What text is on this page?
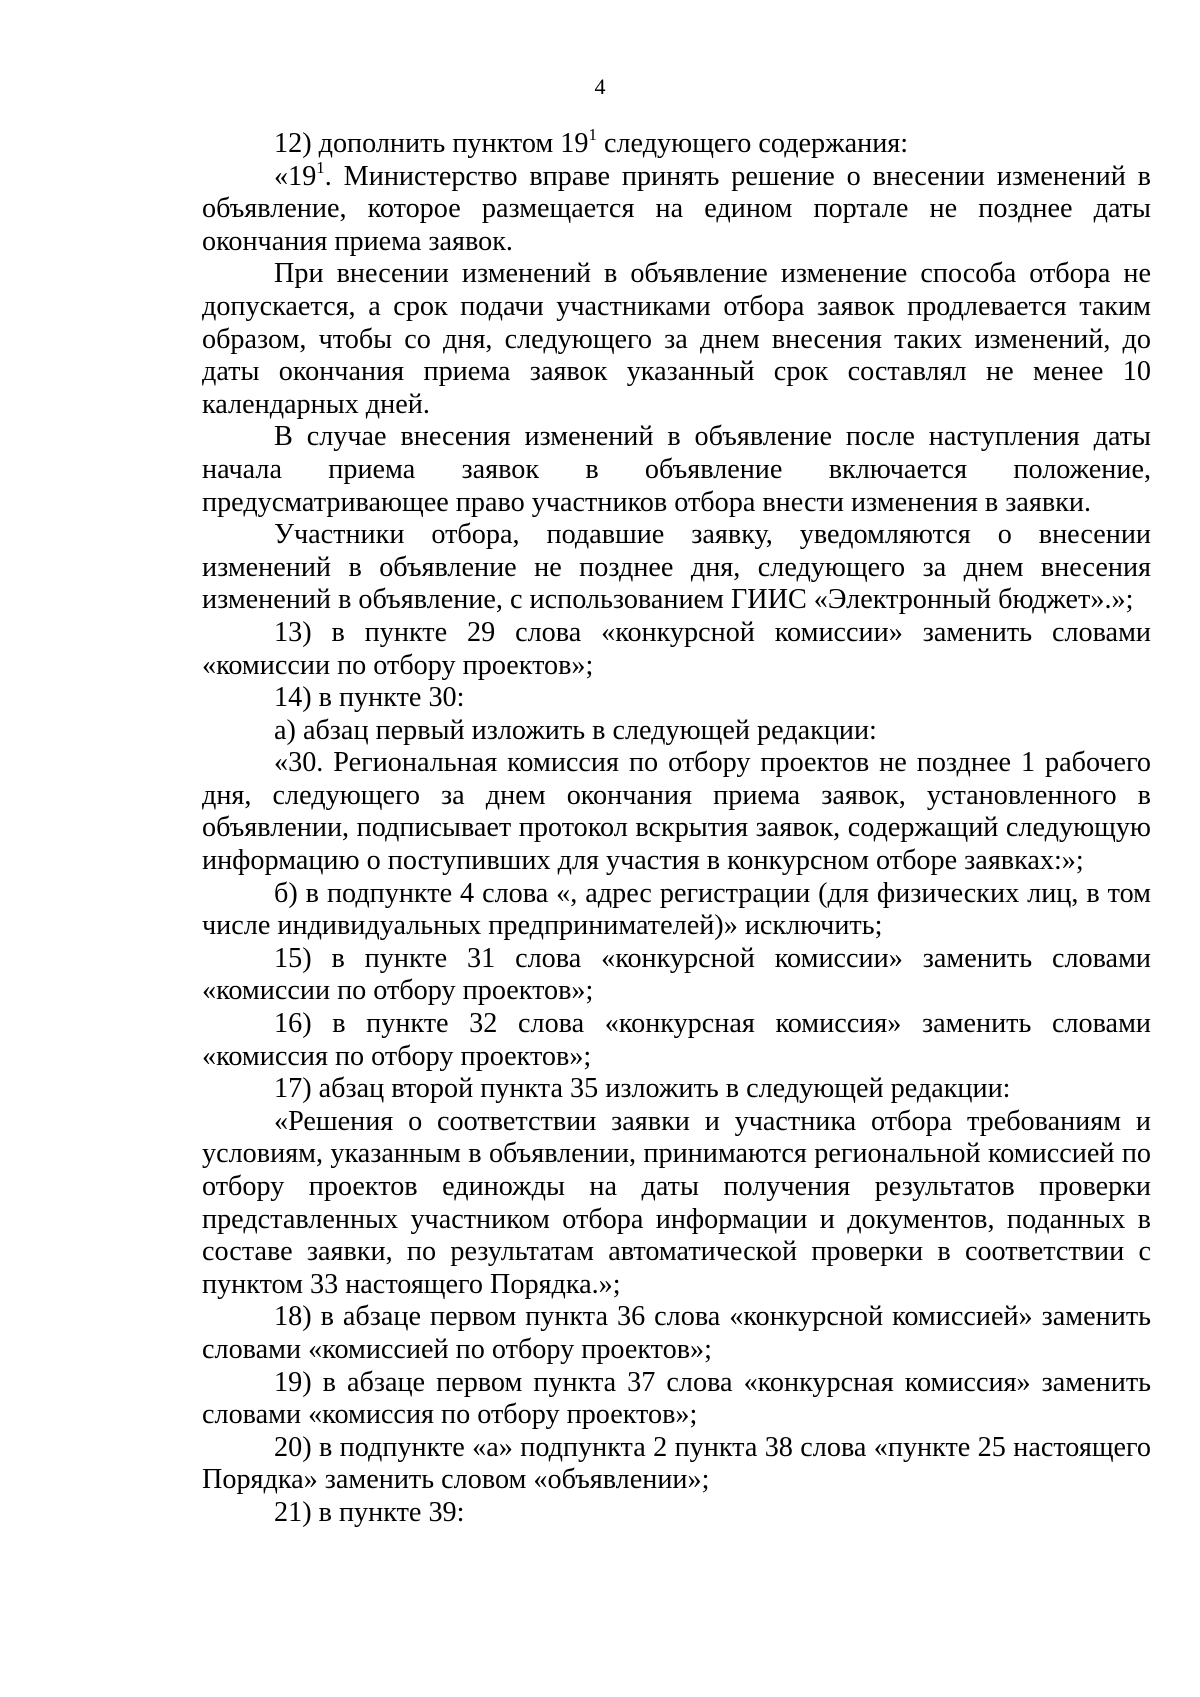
4

12) дополнить пунктом $19^1$ следующего содержания:

«$19^1$. Министерство вправе принять решение о внесении изменений в объявление, которое размещается на едином портале не позднее даты окончания приема заявок.

При внесении изменений в объявление изменение способа отбора не допускается, а срок подачи участниками отбора заявок продлевается таким образом, чтобы со дня, следующего за днем внесения таких изменений, до даты окончания приема заявок указанный срок составлял не менее 10 календарных дней.

В случае внесения изменений в объявление после наступления даты начала приема заявок в объявление включается положение, предусматривающее право участников отбора внести изменения в заявки.

Участники отбора, подавшие заявку, уведомляются о внесении изменений в объявление не позднее дня, следующего за днем внесения изменений в объявление, с использованием ГИИС «Электронный бюджет».»;

13) в пункте 29 слова «конкурсной комиссии» заменить словами «комиссии по отбору проектов»;

14) в пункте 30:

а) абзац первый изложить в следующей редакции:

«30. Региональная комиссия по отбору проектов не позднее 1 рабочего дня, следующего за днем окончания приема заявок, установленного в объявлении, подписывает протокол вскрытия заявок, содержащий следующую информацию о поступивших для участия в конкурсном отборе заявках:»;

б) в подпункте 4 слова «, адрес регистрации (для физических лиц, в том числе индивидуальных предпринимателей)» исключить;

15) в пункте 31 слова «конкурсной комиссии» заменить словами «комиссии по отбору проектов»;

16) в пункте 32 слова «конкурсная комиссия» заменить словами «комиссия по отбору проектов»;

17) абзац второй пункта 35 изложить в следующей редакции:

«Решения о соответствии заявки и участника отбора требованиям и условиям, указанным в объявлении, принимаются региональной комиссией по отбору проектов единожды на даты получения результатов проверки представленных участником отбора информации и документов, поданных в составе заявки, по результатам автоматической проверки в соответствии с пунктом 33 настоящего Порядка.»;

18) в абзаце первом пункта 36 слова «конкурсной комиссией» заменить словами «комиссией по отбору проектов»;

19) в абзаце первом пункта 37 слова «конкурсная комиссия» заменить словами «комиссия по отбору проектов»;

20) в подпункте «а» подпункта 2 пункта 38 слова «пункте 25 настоящего Порядка» заменить словом «объявлении»;

21) в пункте 39:
